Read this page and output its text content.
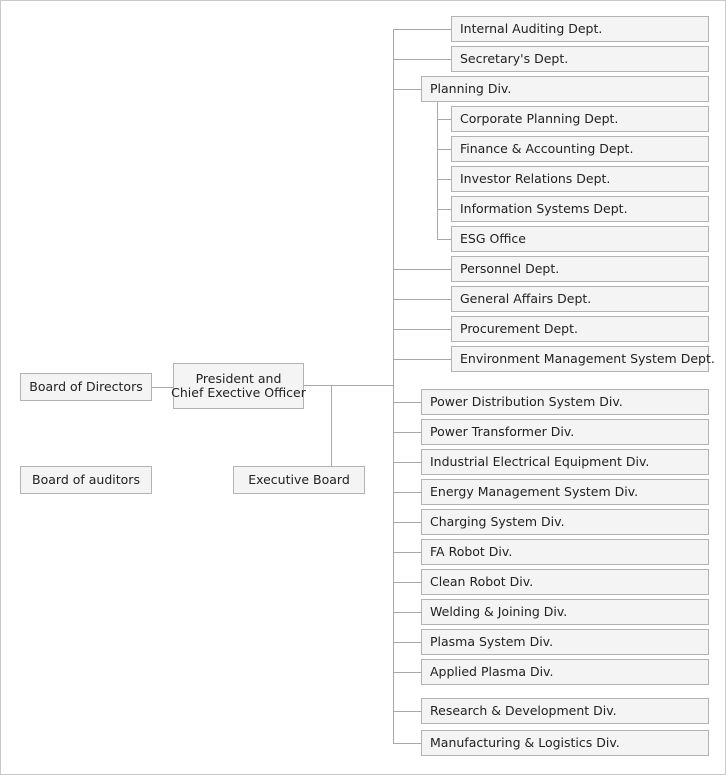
Board of Directors
President and
Chief Exective Officer
Board of auditors	Executive Board
Internal Auditing Dept.
Secretary's Dept.
Planning Div.
Corporate Planning Dept.
Finance & Accounting Dept.
Investor Relations Dept.
Information Systems Dept.
ESG Office
Personnel Dept.
General Affairs Dept.
Procurement Dept.
Environment Management System Dept.
Power Distribution System Div.
Power Transformer Div.
Industrial Electrical Equipment Div.
Energy Management System Div.
Charging System Div.
FA Robot Div.
Clean Robot Div.
Welding & Joining Div.
Plasma System Div.
Applied Plasma Div.
Research & Development Div.
Manufacturing & Logistics Div.
